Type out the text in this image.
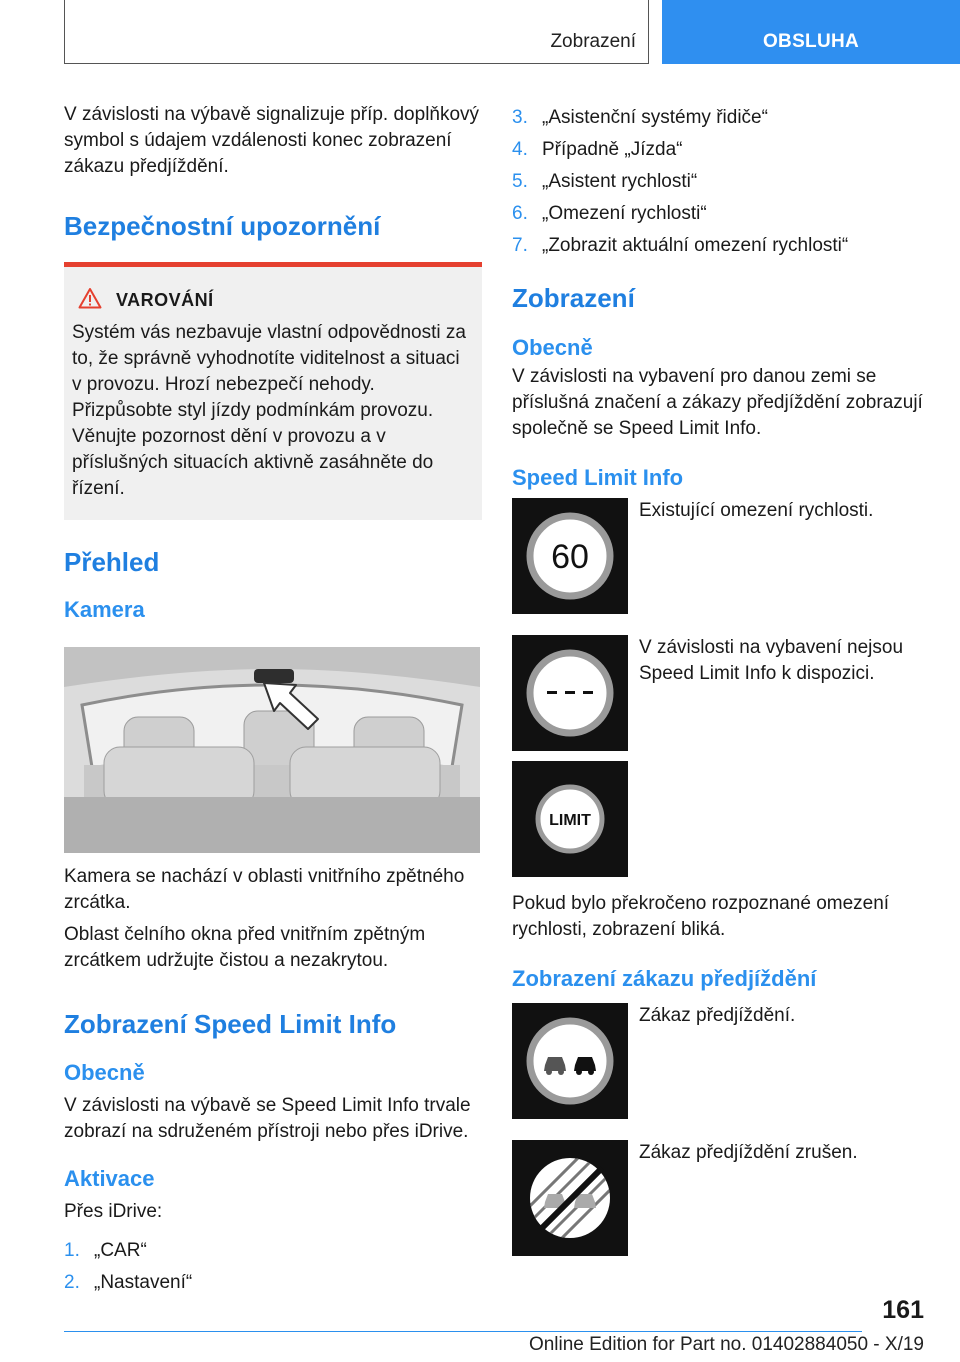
Zobrazení	OBSLUHA

V závislosti na výbavě signalizuje příp. doplňkový symbol s údajem vzdálenosti konec zobrazení zákazu předjíždění.

Bezpečnostní upozornění
VAROVÁNÍ

Systém vás nezbavuje vlastní odpovědnosti za to, že správně vyhodnotíte viditelnost a situaci v provozu. Hrozí nebezpečí nehody. Přizpůsobte styl jízdy podmínkám provozu. Věnujte pozornost dění v provozu a v příslušných situacích aktivně zasáhněte do řízení.

Přehled
Kamera

Kamera se nachází v oblasti vnitřního zpětného zrcátka.

Oblast čelního okna před vnitřním zpětným zrcátkem udržujte čistou a nezakrytou.

Zobrazení Speed Limit Info
Obecně

V závislosti na výbavě se Speed Limit Info trvale zobrazí na sdruženém přístroji nebo přes iDrive.

Aktivace

Přes iDrive:

1. „CAR“
2. „Nastavení“
3. „Asistenční systémy řidiče“
4. Případně „Jízda“
5. „Asistent rychlosti“
6. „Omezení rychlosti“
7. „Zobrazit aktuální omezení rychlosti“
Zobrazení
Obecně

V závislosti na vybavení pro danou zemi se příslušná značení a zákazy předjíždění zobrazují společně se Speed Limit Info.

Speed Limit Info
60

Existující omezení rychlosti.

V závislosti na vybavení nejsou Speed Limit Info k dispozici.

LIMIT

Pokud bylo překročeno rozpoznané omezení rychlosti, zobrazení bliká.

Zobrazení zákazu předjíždění

Zákaz předjíždění.

Zákaz předjíždění zrušen.

161
Online Edition for Part no. 01402884050 - X/19
